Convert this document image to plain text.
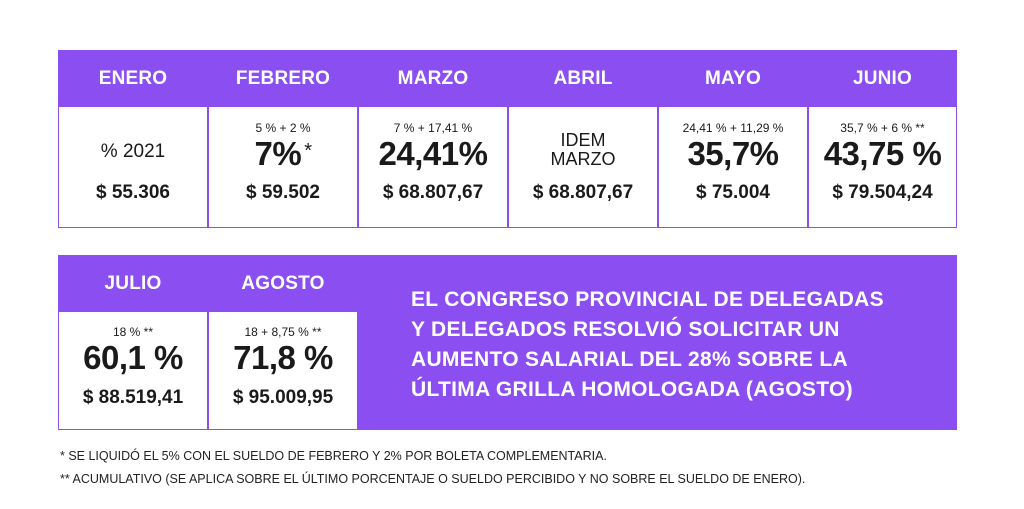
ENERO
% 2021
$ 55.306
FEBRERO
5 % + 2 %
7% *
$ 59.502
MARZO
7 % + 17,41 %
24,41%
$ 68.807,67
ABRIL
IDEM
MARZO
$ 68.807,67
MAYO
24,41 % + 11,29 %
35,7%
$ 75.004
JUNIO
35,7 % + 6 % **
43,75 %
$ 79.504,24
JULIO
18 % **
60,1 %
$ 88.519,41
AGOSTO
18 + 8,75 % **
71,8 %
$ 95.009,95
EL CONGRESO PROVINCIAL DE DELEGADAS
Y DELEGADOS RESOLVIÓ SOLICITAR UN
AUMENTO SALARIAL DEL 28% SOBRE LA
ÚLTIMA GRILLA HOMOLOGADA (AGOSTO)
* SE LIQUIDÓ EL 5% CON EL SUELDO DE FEBRERO Y 2% POR BOLETA COMPLEMENTARIA.
** ACUMULATIVO (SE APLICA SOBRE EL ÚLTIMO PORCENTAJE O SUELDO PERCIBIDO Y NO SOBRE EL SUELDO DE ENERO).
